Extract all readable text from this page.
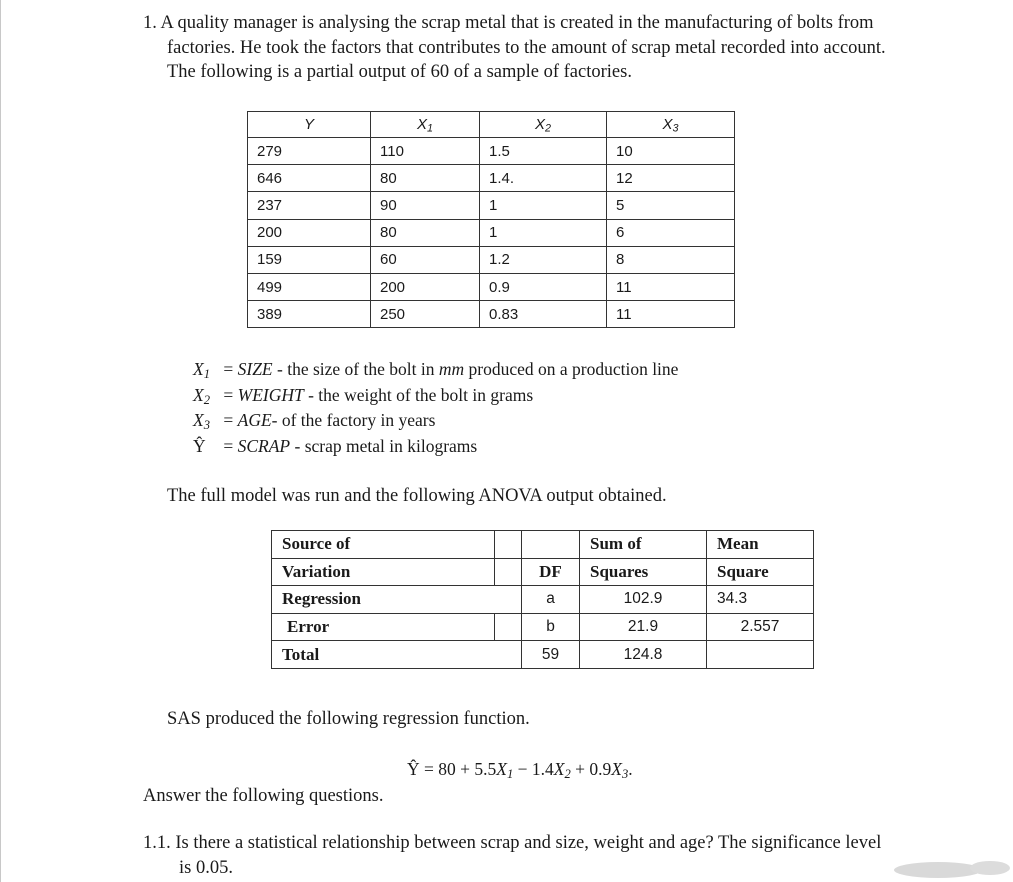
1. A quality manager is analysing the scrap metal that is created in the manufacturing of bolts from
factories. He took the factors that contributes to the amount of scrap metal recorded into account.
The following is a partial output of 60 of a sample of factories.
Y	$X_1$	$X_2$	$X_3$
279	110	1.5	10
646	80	1.4.	12
237	90	1	5
200	80	1	6
159	60	1.2	8
499	200	0.9	11
389	250	0.83	11
$X_1$ = SIZE - the size of the bolt in mm produced on a production line
$X_2$ = WEIGHT - the weight of the bolt in grams
$X_3 = AGE-$ of the factory in years
Ŷ = SCRAP - scrap metal in kilograms
The full model was run and the following ANOVA output obtained.
Source of			Sum of	Mean
Variation		DF	Squares	Square
Regression		a	102.9	34.3
Error		b	21.9	2.557
Total		59	124.8	
SAS produced the following regression function.
Ŷ = $80 + 5.5X_1 - 1.4X_2 + 0.9X_3$.
Answer the following questions.
1.1. Is there a statistical relationship between scrap and size, weight and age? The significance level
is 0.05.
